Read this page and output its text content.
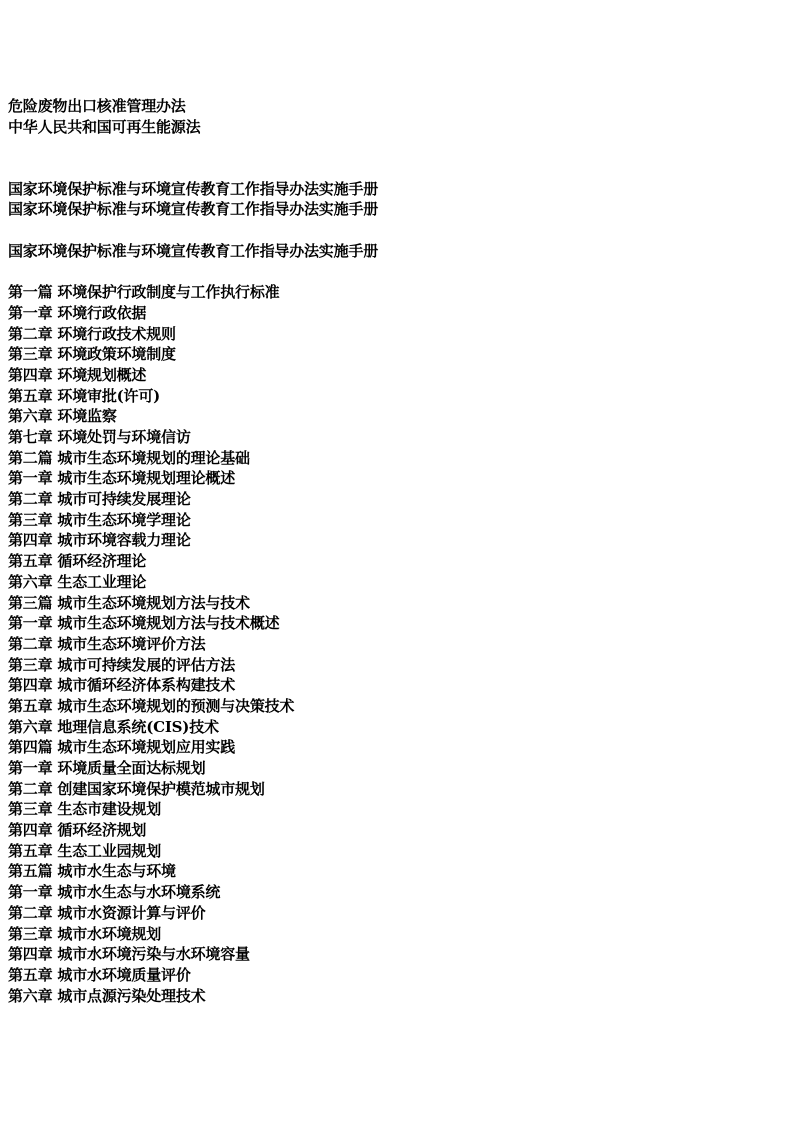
危险废物出口核准管理办法
中华人民共和国可再生能源法
国家环境保护标准与环境宣传教育工作指导办法实施手册
国家环境保护标准与环境宣传教育工作指导办法实施手册
国家环境保护标准与环境宣传教育工作指导办法实施手册
第一篇 环境保护行政制度与工作执行标准
第一章 环境行政依据
第二章 环境行政技术规则
第三章 环境政策环境制度
第四章 环境规划概述
第五章 环境审批(许可)
第六章 环境监察
第七章 环境处罚与环境信访
第二篇 城市生态环境规划的理论基础
第一章 城市生态环境规划理论概述
第二章 城巿可持续发展理论
第三章 城市生态环境学理论
第四章 城市环境容载力理论
第五章 循环经济理论
第六章 生态工业理论
第三篇 城市生态环境规划方法与技术
第一章 城市生态环境规划方法与技术概述
第二章 城市生态环境评价方法
第三章 城市可持续发展的评估方法
第四章 城市循环经济体系构建技术
第五章 城市生态环境规划的预测与决策技术
第六章 地理信息系统(CIS)技术
第四篇 城市生态环境规划应用实践
第一章 环境质量全面达标规划
第二章 创建国家环境保护模范城市规划
第三章 生态市建设规划
第四章 循环经济规划
第五章 生态工业园规划
第五篇 城市水生态与环境
第一章 城市水生态与水环境系统
第二章 城市水资源计算与评价
第三章 城市水环境规划
第四章 城市水环境污染与水环境容量
第五章 城市水环境质量评价
第六章 城市点源污染处理技术
